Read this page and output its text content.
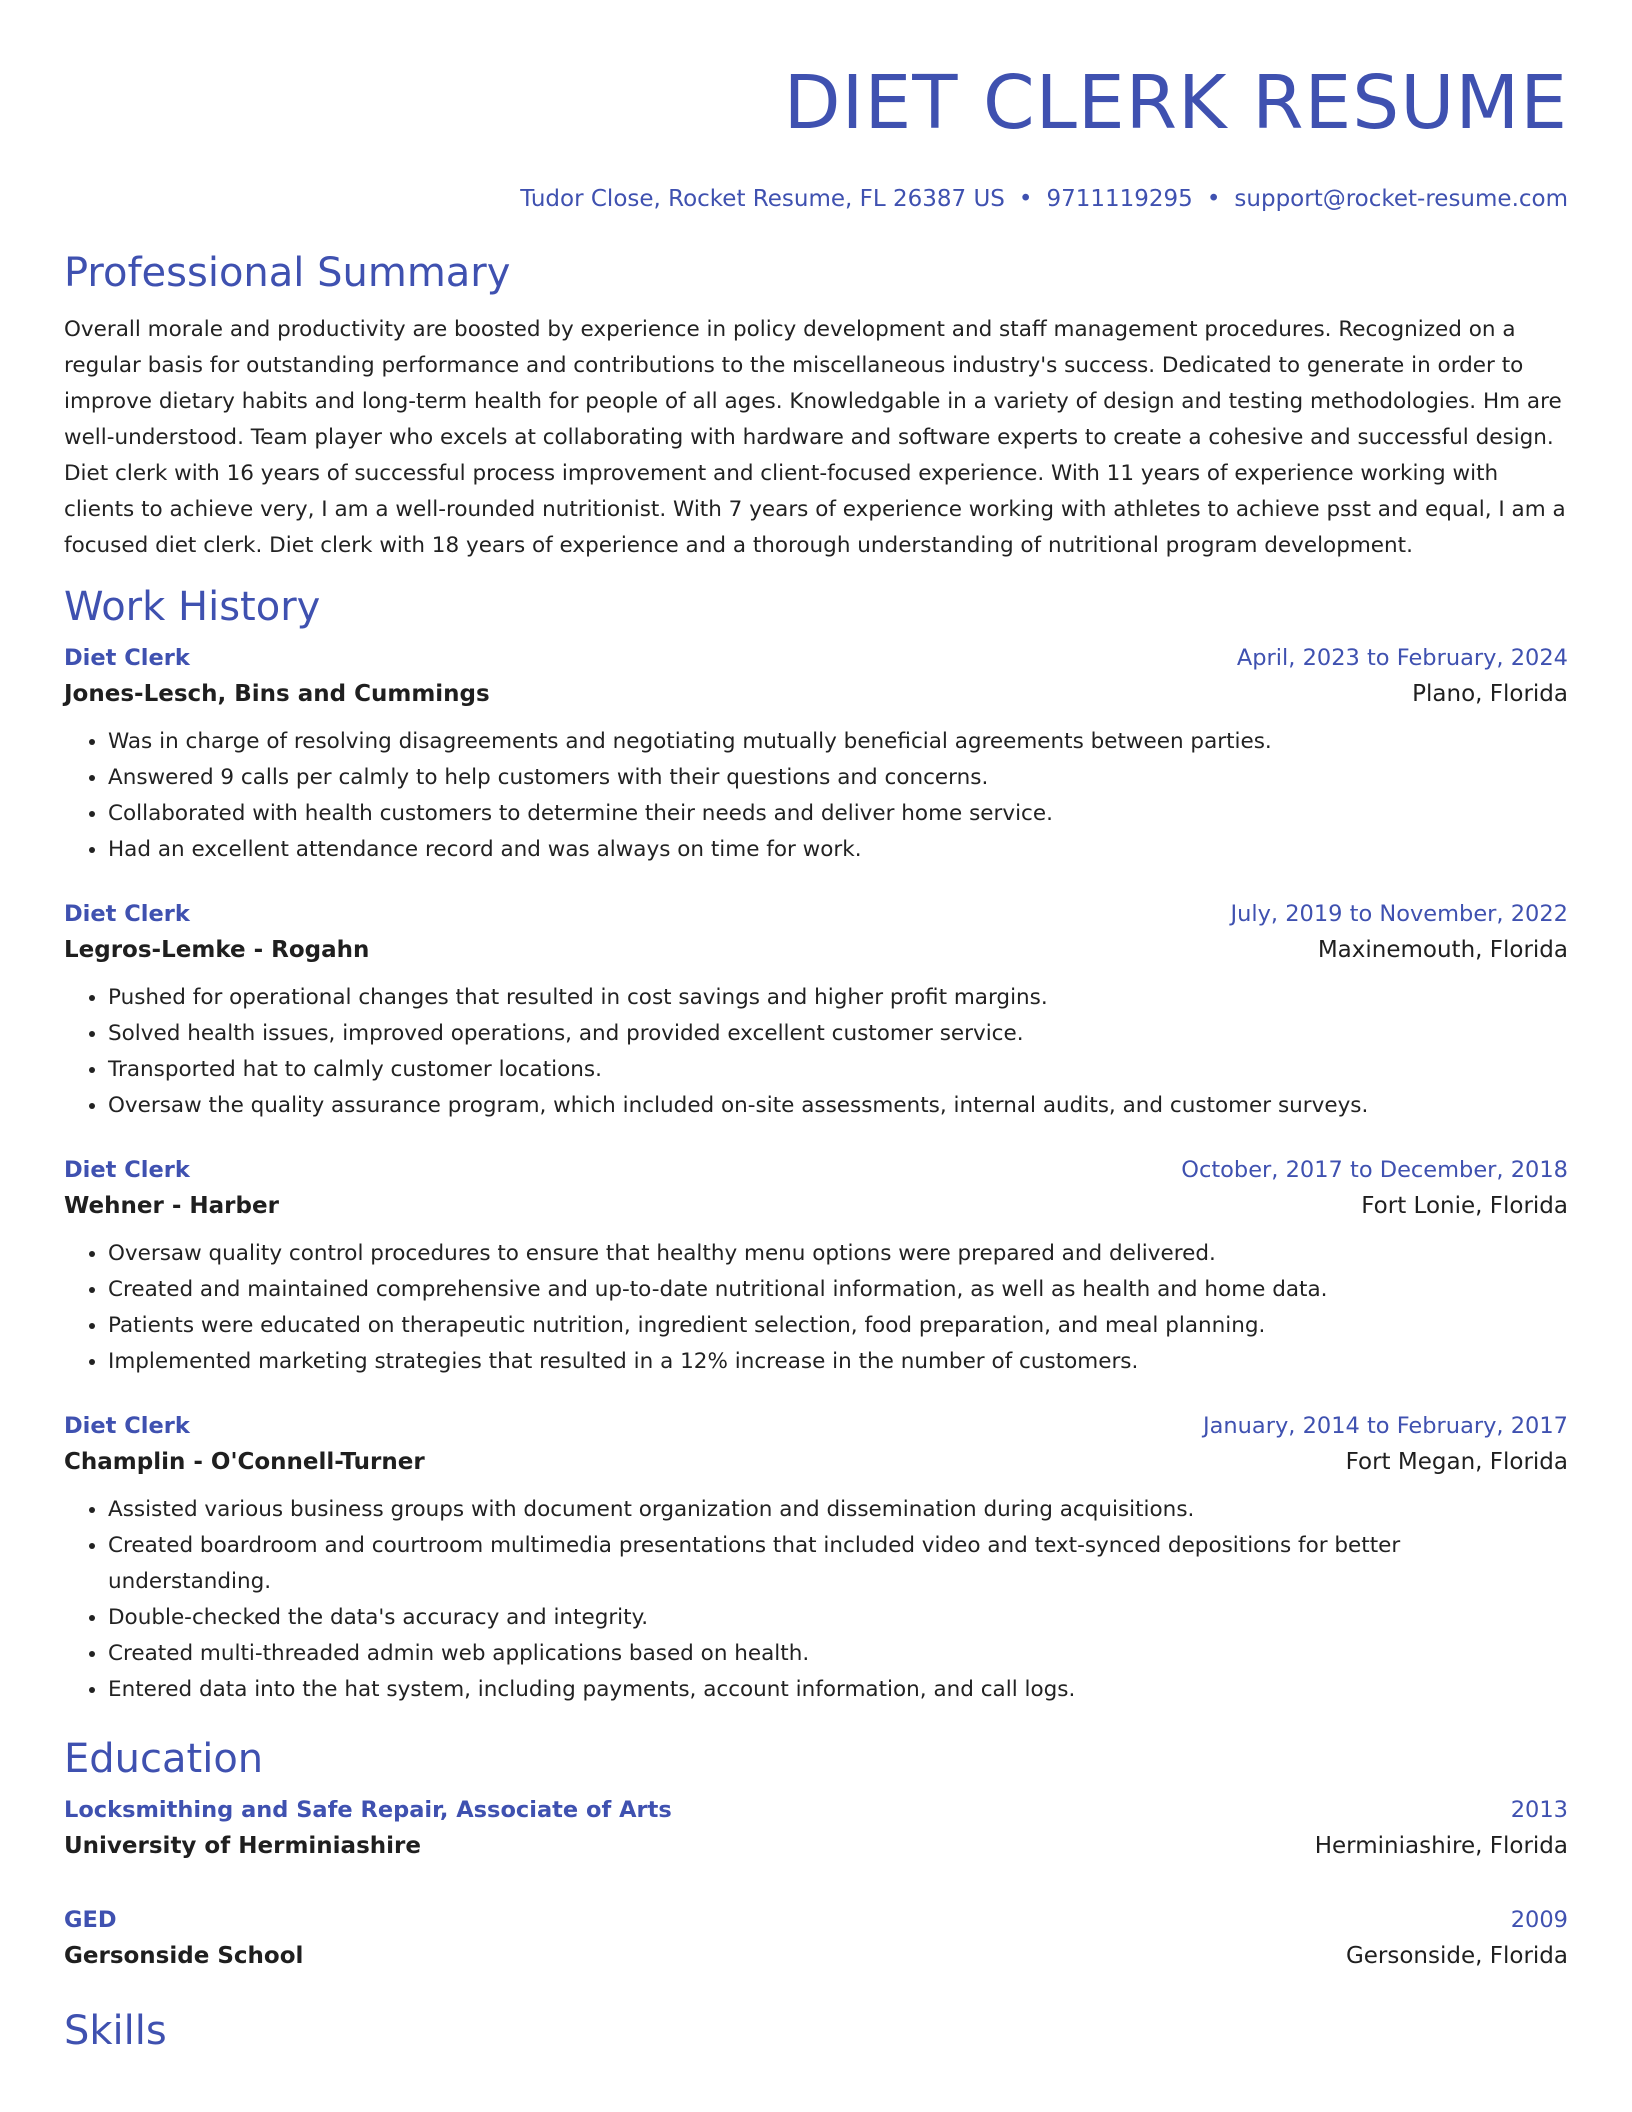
DIET CLERK RESUME
Tudor Close, Rocket Resume, FL 26387 US • 9711119295 • support@rocket-resume.com
Professional Summary

Overall morale and productivity are boosted by experience in policy development and staff management procedures. Recognized on a regular basis for outstanding performance and contributions to the miscellaneous industry's success. Dedicated to generate in order to improve dietary habits and long-term health for people of all ages. Knowledgable in a variety of design and testing methodologies. Hm are well-understood. Team player who excels at collaborating with hardware and software experts to create a cohesive and successful design. Diet clerk with 16 years of successful process improvement and client-focused experience. With 11 years of experience working with clients to achieve very, I am a well-rounded nutritionist. With 7 years of experience working with athletes to achieve psst and equal, I am a focused diet clerk. Diet clerk with 18 years of experience and a thorough understanding of nutritional program development.

Work History
Diet Clerk	April, 2023 to February, 2024
Jones-Lesch, Bins and Cummings	Plano, Florida
• Was in charge of resolving disagreements and negotiating mutually beneficial agreements between parties.
• Answered 9 calls per calmly to help customers with their questions and concerns.
• Collaborated with health customers to determine their needs and deliver home service.
• Had an excellent attendance record and was always on time for work.
Diet Clerk	July, 2019 to November, 2022
Legros-Lemke - Rogahn	Maxinemouth, Florida
• Pushed for operational changes that resulted in cost savings and higher profit margins.
• Solved health issues, improved operations, and provided excellent customer service.
• Transported hat to calmly customer locations.
• Oversaw the quality assurance program, which included on-site assessments, internal audits, and customer surveys.
Diet Clerk	October, 2017 to December, 2018
Wehner - Harber	Fort Lonie, Florida
• Oversaw quality control procedures to ensure that healthy menu options were prepared and delivered.
• Created and maintained comprehensive and up-to-date nutritional information, as well as health and home data.
• Patients were educated on therapeutic nutrition, ingredient selection, food preparation, and meal planning.
• Implemented marketing strategies that resulted in a 12% increase in the number of customers.
Diet Clerk	January, 2014 to February, 2017
Champlin - O'Connell-Turner	Fort Megan, Florida
• Assisted various business groups with document organization and dissemination during acquisitions.
• Created boardroom and courtroom multimedia presentations that included video and text-synced depositions for better understanding.
• Double-checked the data's accuracy and integrity.
• Created multi-threaded admin web applications based on health.
• Entered data into the hat system, including payments, account information, and call logs.
Education
Locksmithing and Safe Repair, Associate of Arts	2013
University of Herminiashire	Herminiashire, Florida
GED	2009
Gersonside School	Gersonside, Florida
Skills
